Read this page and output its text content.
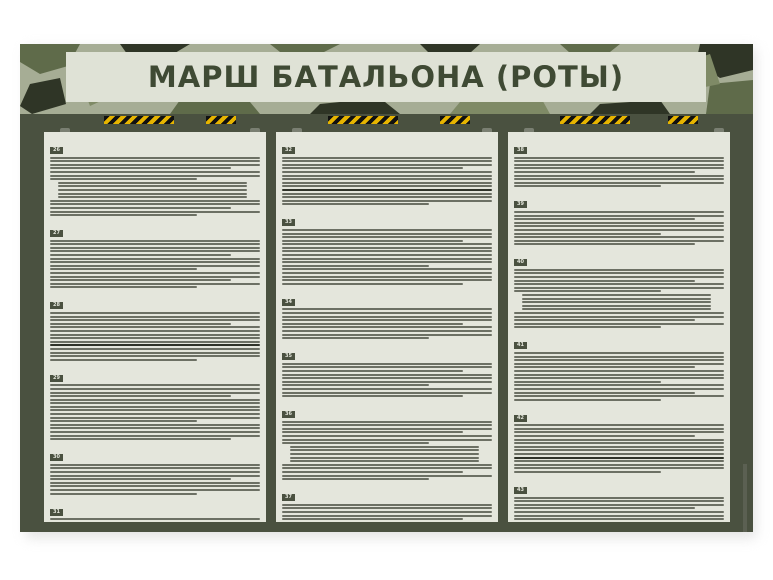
МАРШ БАТАЛЬОНА (РОТЫ)
26
27
28
29
30
31
32
33
34
35
36
37
38
39
40
41
42
43
